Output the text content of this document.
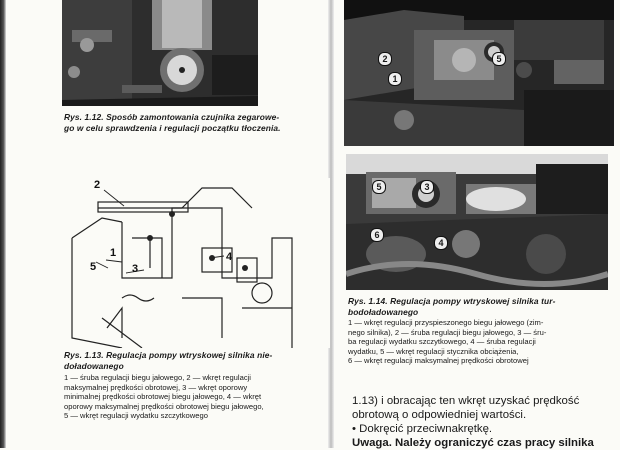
Rys. 1.12. Sposób zamontowania czujnika zegarowe-
go w celu sprawdzenia i regulacji początku tłoczenia.
2
1
3
4
5
Rys. 1.13. Regulacja pompy wtryskowej silnika nie-
doładowanego
1 — śruba regulacji biegu jałowego, 2 — wkręt regulacji
maksymalnej prędkości obrotowej, 3 — wkręt oporowy
minimalnej prędkości obrotowej biegu jałowego, 4 — wkręt
oporowy maksymalnej prędkości obrotowej biegu jałowego,
5 — wkręt regulacji wydatku szczytkowego
2
1
5
5	3
6
4
Rys. 1.14. Regulacja pompy wtryskowej silnika tur-
bodoładowanego
1 — wkręt regulacji przyspieszonego biegu jałowego (zim-
nego silnika), 2 — śruba regulacji biegu jałowego, 3 — śru-
ba regulacji wydatku szczytkowego, 4 — śruba regulacji
wydatku, 5 — wkręt regulacji stycznika obciążenia,
6 — wkręt regulacji maksymalnej prędkości obrotowej
1.13) i obracając ten wkręt uzyskać prędkość
obrotową o odpowiedniej wartości.
• Dokręcić przeciwnakrętkę.
Uwaga. Należy ograniczyć czas pracy silnika
